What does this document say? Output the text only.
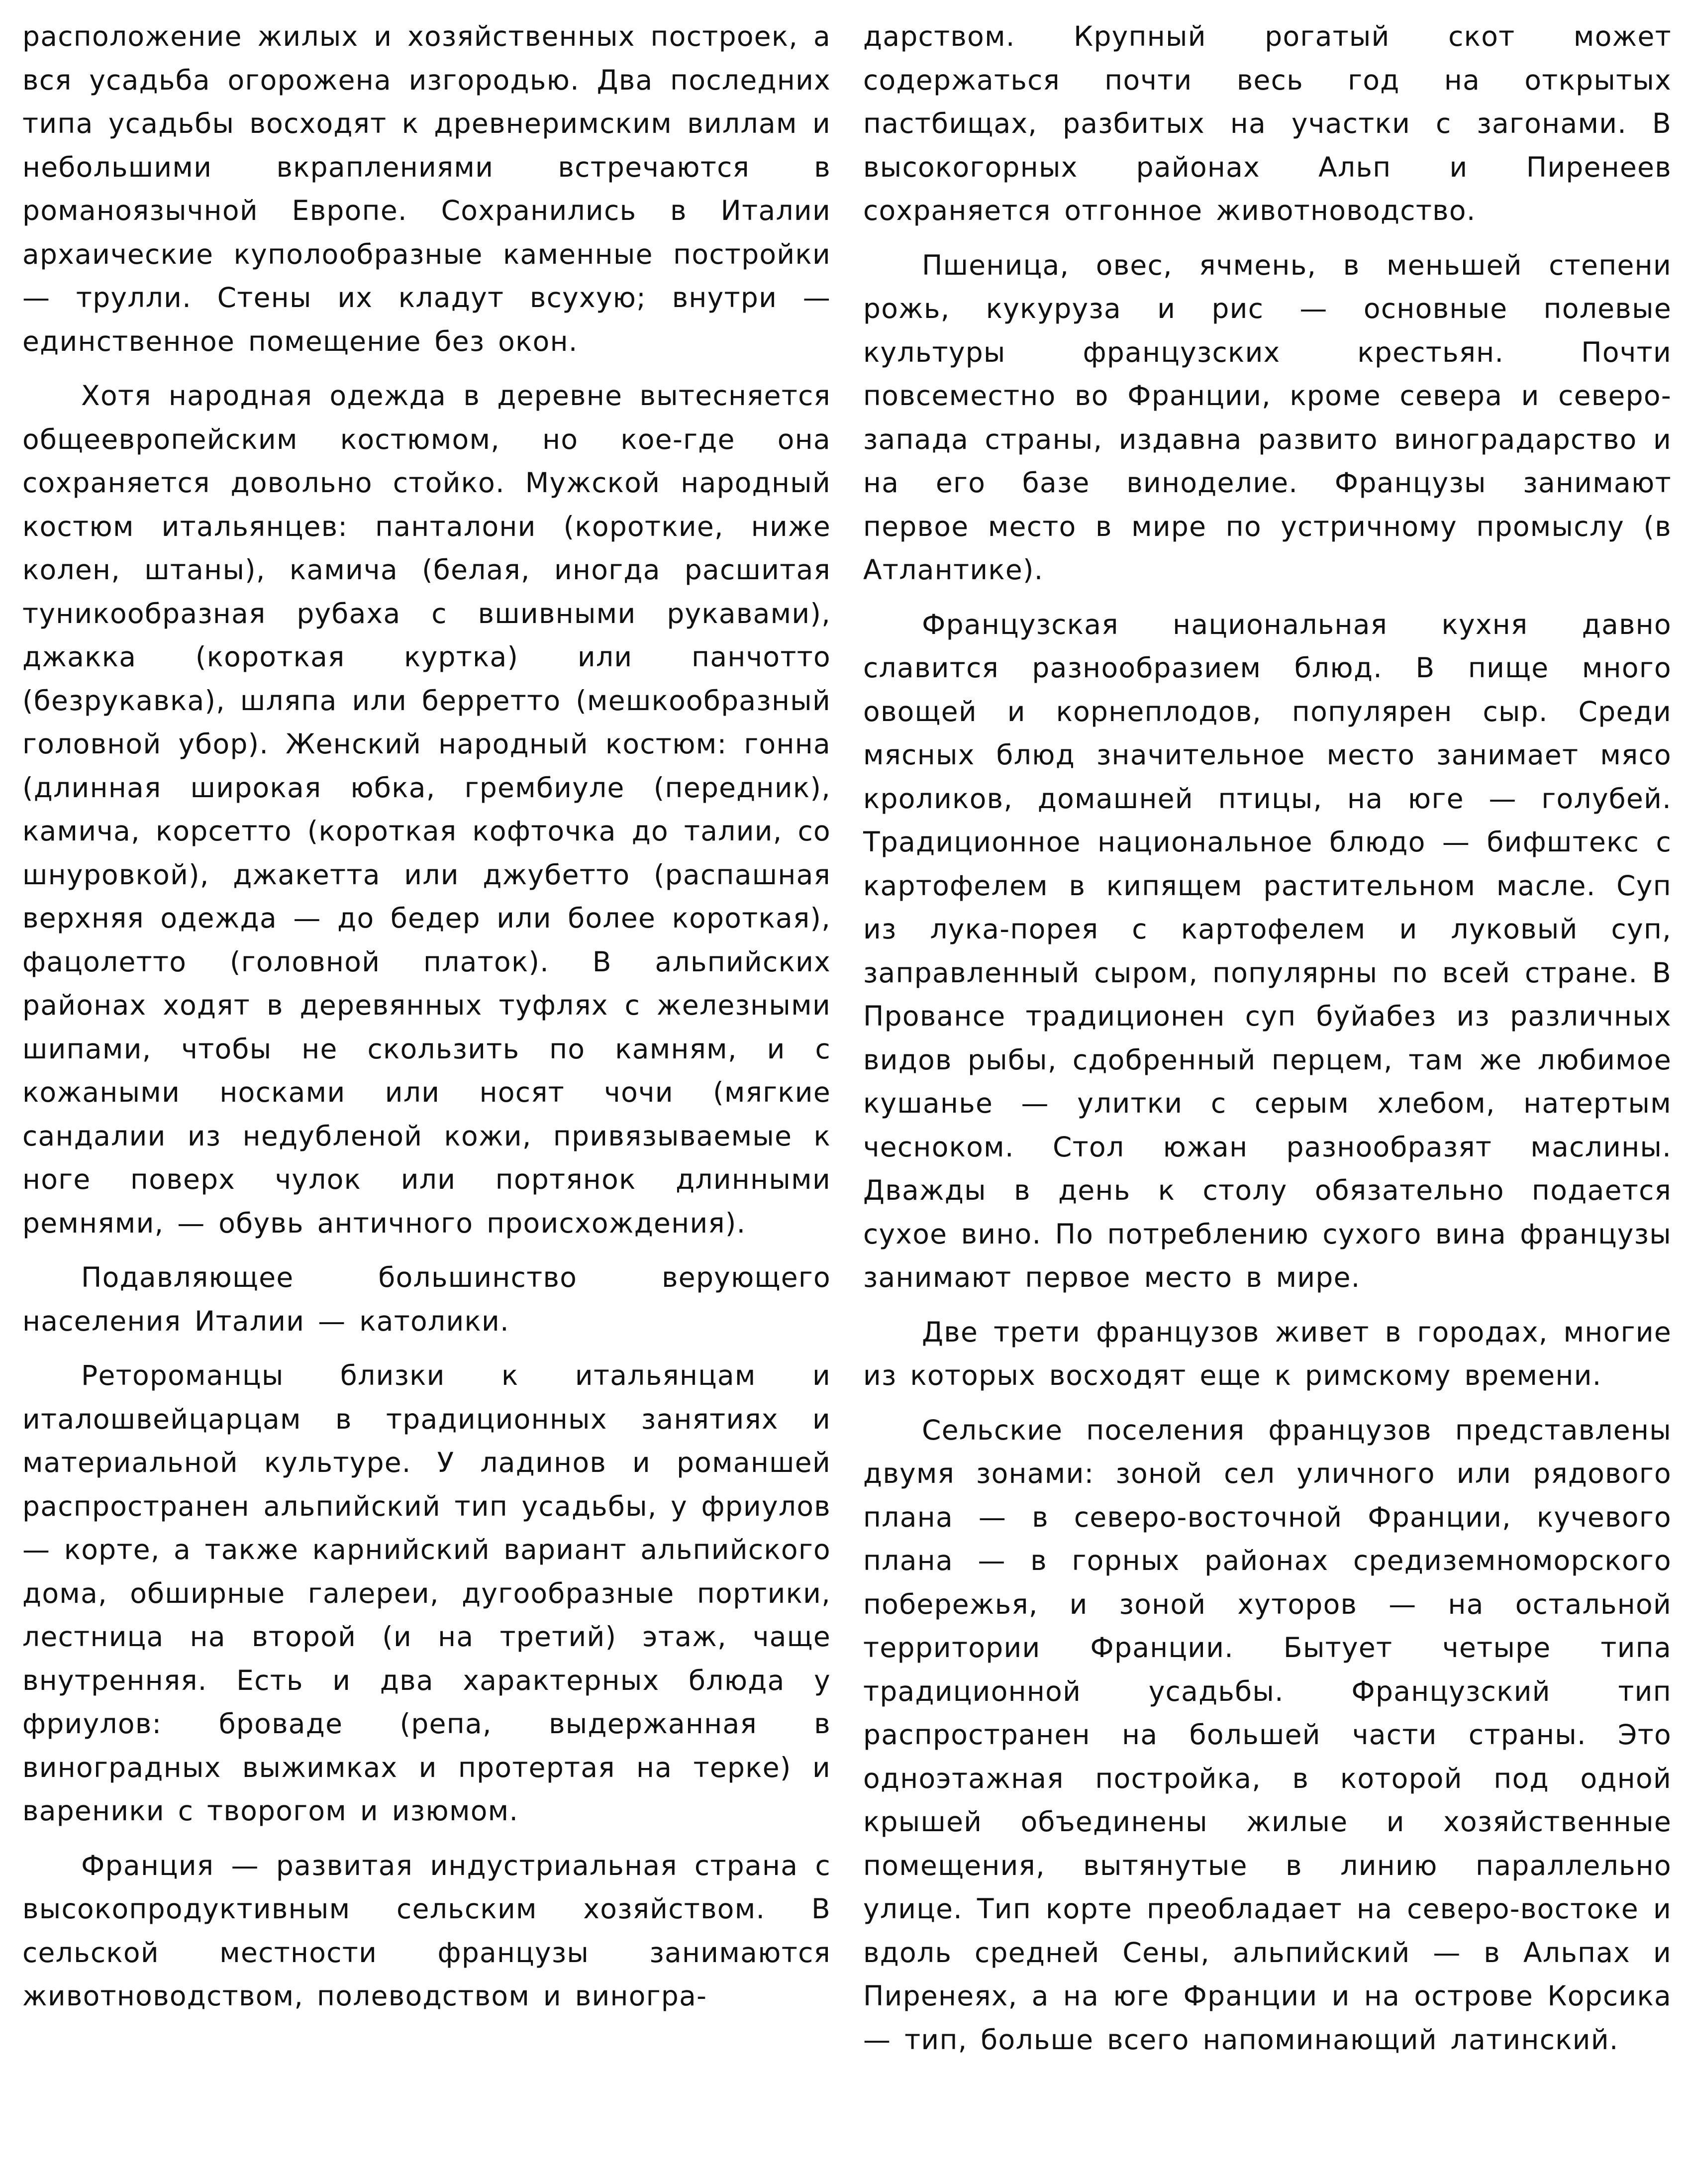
расположение жилых и хозяйственных построек, а вся усадьба огорожена изгородью. Два последних типа усадьбы восходят к древнеримским виллам и небольшими вкраплениями встречаются в романоязычной Европе. Сохранились в Италии архаические куполообразные каменные постройки — трулли. Стены их кладут всухую; внутри — единственное помещение без окон.

Хотя народная одежда в деревне вытесняется общеевропейским костюмом, но кое-где она сохраняется довольно стойко. Мужской народный костюм итальянцев: панталони (короткие, ниже колен, штаны), камича (белая, иногда расшитая туникообразная рубаха с вшивными рукавами), джакка (короткая куртка) или панчотто (безрукавка), шляпа или берретто (мешкообразный головной убор). Женский народный костюм: гонна (длинная широкая юбка, грембиуле (передник), камича, корсетто (короткая кофточка до талии, со шнуровкой), джакетта или джубетто (распашная верхняя одежда — до бедер или более короткая), фацолетто (головной платок). В альпийских районах ходят в деревянных туфлях с железными шипами, чтобы не скользить по камням, и с кожаными носками или носят чочи (мягкие сандалии из недубленой кожи, привязываемые к ноге поверх чулок или портянок длинными ремнями, — обувь античного происхождения).

Подавляющее большинство верующего населения Италии — католики.

Ретороманцы близки к итальянцам и италошвейцарцам в традиционных занятиях и материальной культуре. У ладинов и романшей распространен альпийский тип усадьбы, у фриулов — корте, а также карнийский вариант альпийского дома, обширные галереи, дугообразные портики, лестница на второй (и на третий) этаж, чаще внутренняя. Есть и два характерных блюда у фриулов: броваде (репа, выдержанная в виноградных выжимках и протертая на терке) и вареники с творогом и изюмом.

Франция — развитая индустриальная страна с высокопродуктивным сельским хозяйством. В сельской местности французы занимаются животноводством, полеводством и виногра-

дарством. Крупный рогатый скот может содержаться почти весь год на открытых пастбищах, разбитых на участки с загонами. В высокогорных районах Альп и Пиренеев сохраняется отгонное животноводство.

Пшеница, овес, ячмень, в меньшей степени рожь, кукуруза и рис — основные полевые культуры французских крестьян. Почти повсеместно во Франции, кроме севера и северо-запада страны, издавна развито виноградарство и на его базе виноделие. Французы занимают первое место в мире по устричному промыслу (в Атлантике).

Французская национальная кухня давно славится разнообразием блюд. В пище много овощей и корнеплодов, популярен сыр. Среди мясных блюд значительное место занимает мясо кроликов, домашней птицы, на юге — голубей. Традиционное национальное блюдо — бифштекс с картофелем в кипящем растительном масле. Суп из лука-порея с картофелем и луковый суп, заправленный сыром, популярны по всей стране. В Провансе традиционен суп буйабез из различных видов рыбы, сдобренный перцем, там же любимое кушанье — улитки с серым хлебом, натертым чесноком. Стол южан разнообразят маслины. Дважды в день к столу обязательно подается сухое вино. По потреблению сухого вина французы занимают первое место в мире.

Две трети французов живет в городах, многие из которых восходят еще к римскому времени.

Сельские поселения французов представлены двумя зонами: зоной сел уличного или рядового плана — в северо-восточной Франции, кучевого плана — в горных районах средиземноморского побережья, и зоной хуторов — на остальной территории Франции. Бытует четыре типа традиционной усадьбы. Французский тип распространен на большей части страны. Это одноэтажная постройка, в которой под одной крышей объединены жилые и хозяйственные помещения, вытянутые в линию параллельно улице. Тип корте преобладает на северо-востоке и вдоль средней Сены, альпийский — в Альпах и Пиренеях, а на юге Франции и на острове Корсика — тип, больше всего напоминающий латинский.
